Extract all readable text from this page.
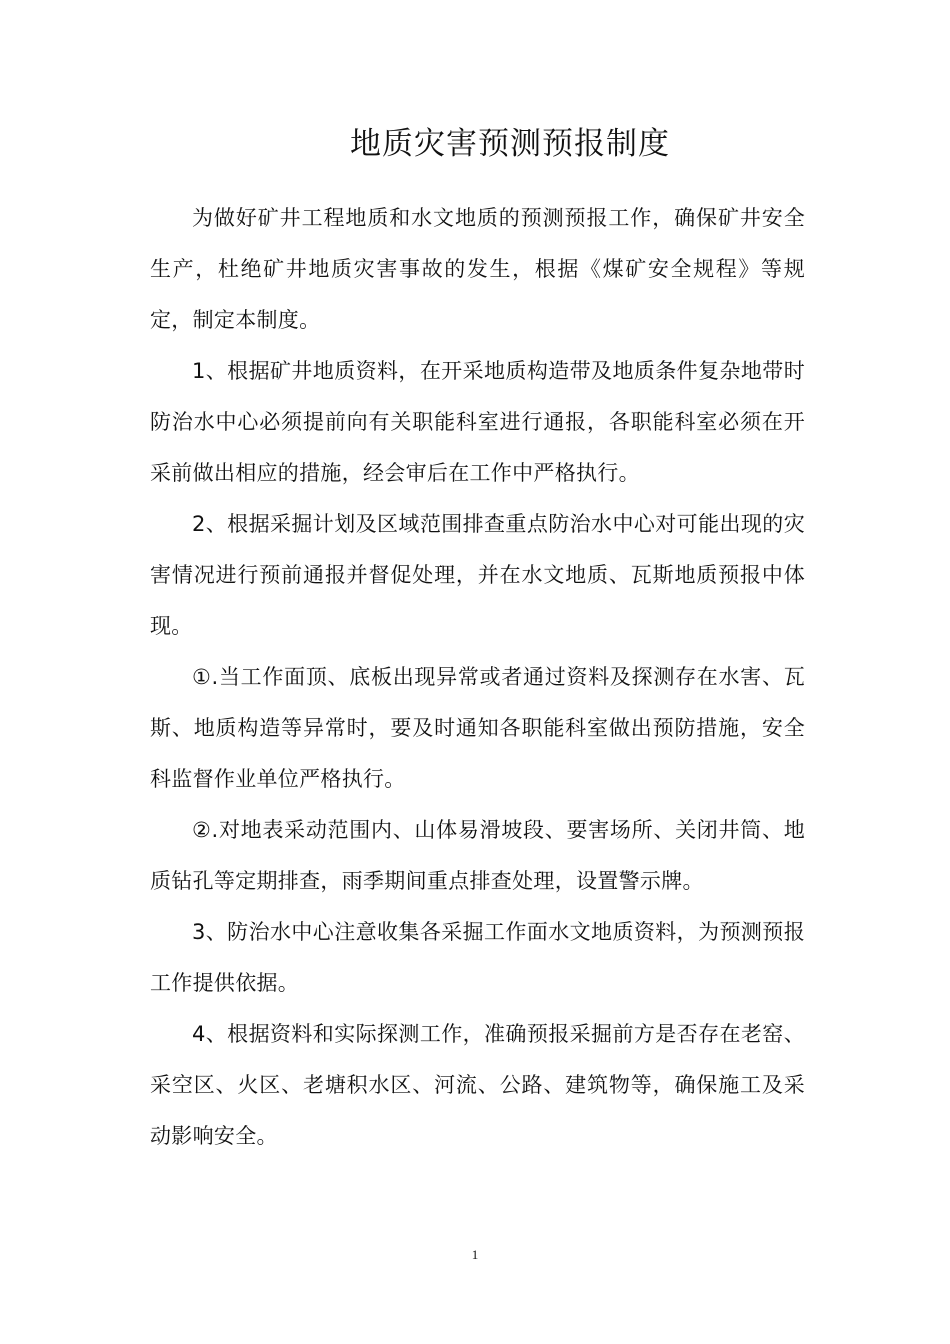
地质灾害预测预报制度

为做好矿井工程地质和水文地质的预测预报工作，确保矿井安全生产，杜绝矿井地质灾害事故的发生，根据《煤矿安全规程》等规定，制定本制度。

1、根据矿井地质资料，在开采地质构造带及地质条件复杂地带时防治水中心必须提前向有关职能科室进行通报，各职能科室必须在开采前做出相应的措施，经会审后在工作中严格执行。

2、根据采掘计划及区域范围排查重点防治水中心对可能出现的灾害情况进行预前通报并督促处理，并在水文地质、瓦斯地质预报中体现。

①.当工作面顶、底板出现异常或者通过资料及探测存在水害、瓦斯、地质构造等异常时，要及时通知各职能科室做出预防措施，安全科监督作业单位严格执行。

②.对地表采动范围内、山体易滑坡段、要害场所、关闭井筒、地质钻孔等定期排查，雨季期间重点排查处理，设置警示牌。

3、防治水中心注意收集各采掘工作面水文地质资料，为预测预报工作提供依据。

4、根据资料和实际探测工作，准确预报采掘前方是否存在老窑、采空区、火区、老塘积水区、河流、公路、建筑物等，确保施工及采动影响安全。

1
